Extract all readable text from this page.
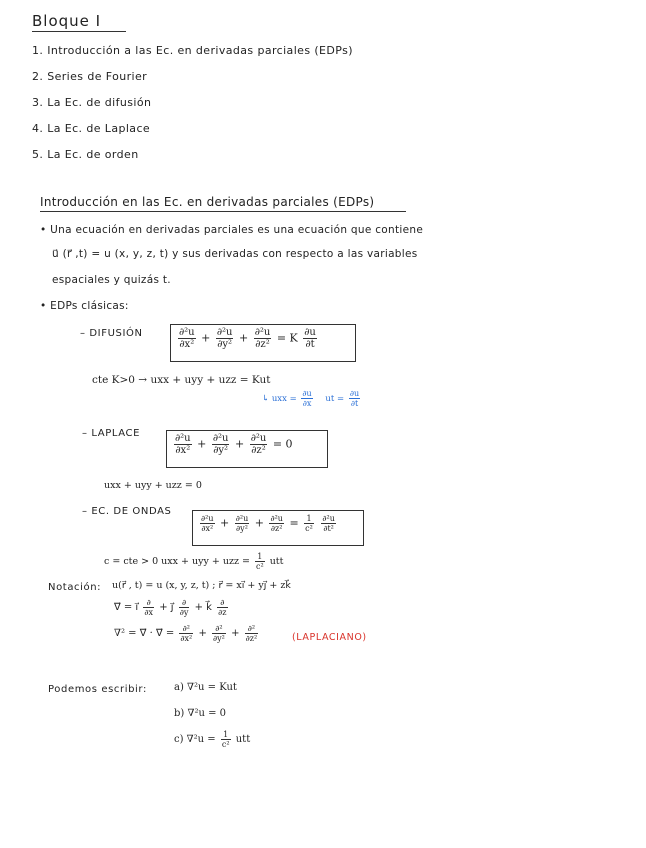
Bloque I
1. Introducción a las Ec. en derivadas parciales (EDPs)
2. Series de Fourier
3. La Ec. de difusión
4. La Ec. de Laplace
5. La Ec. de orden
Introducción en las Ec. en derivadas parciales (EDPs)
• Una ecuación en derivadas parciales es una ecuación que contiene
u⃗ (r⃗ ,t) = u (x, y, z, t) y sus derivadas con respecto a las variables
espaciales y quizás t.
• EDPs clásicas:
– DIFUSIÓN	$\frac{\text{∂²u}}{\text{∂x²}} + \frac{\text{∂²u}}{\text{∂y²}} + \frac{\text{∂²u}}{\text{∂z²}} = K \frac{\partial u}{\partial t}$
cte K>0 → uxx + uyy + uzz = Kut
↳ uxx = $\frac{\partial u}{\partial x}$ ut = $\frac{\partial u}{\partial t}$
– LAPLACE	$\frac{\text{∂²u}}{\text{∂x²}} + \frac{\text{∂²u}}{\text{∂y²}} + \frac{\text{∂²u}}{\text{∂z²}} = 0$
uxx + uyy + uzz = 0
– EC. DE ONDAS
$\frac{\text{∂²u}}{\text{∂x²}} + \frac{\text{∂²u}}{\text{∂y²}} + \frac{\text{∂²u}}{\text{∂z²}} = \frac{1}{\text{c²}}$
$\frac{\text{∂²u}}{\text{∂t²}}$
c = cte > 0 uxx + uyy + uzz = $\frac{1}{\text{c²}}$ utt
Notación: u(r⃗ , t) = u (x, y, z, t) ; r⃗ = xi⃗ + yj⃗ + zk⃗
∇⃗ = i⃗ $\frac{\partial}{\partial x}$ + j⃗ $\frac{\partial}{\partial y}$ + k⃗ $\frac{\partial}{\partial z}$
∇² = ∇⃗ · ∇⃗ = $\frac{\text{∂²}}{\text{∂x²}} + \frac{\text{∂²}}{\text{∂y²}} + \frac{\text{∂²}}{\text{∂z²}}$	(LAPLACIANO)
Podemos escribir:	a) ∇²u = Kut
b) ∇²u = 0
c) $\nabla^2u = \frac{1}{\text{c²}}$ utt
